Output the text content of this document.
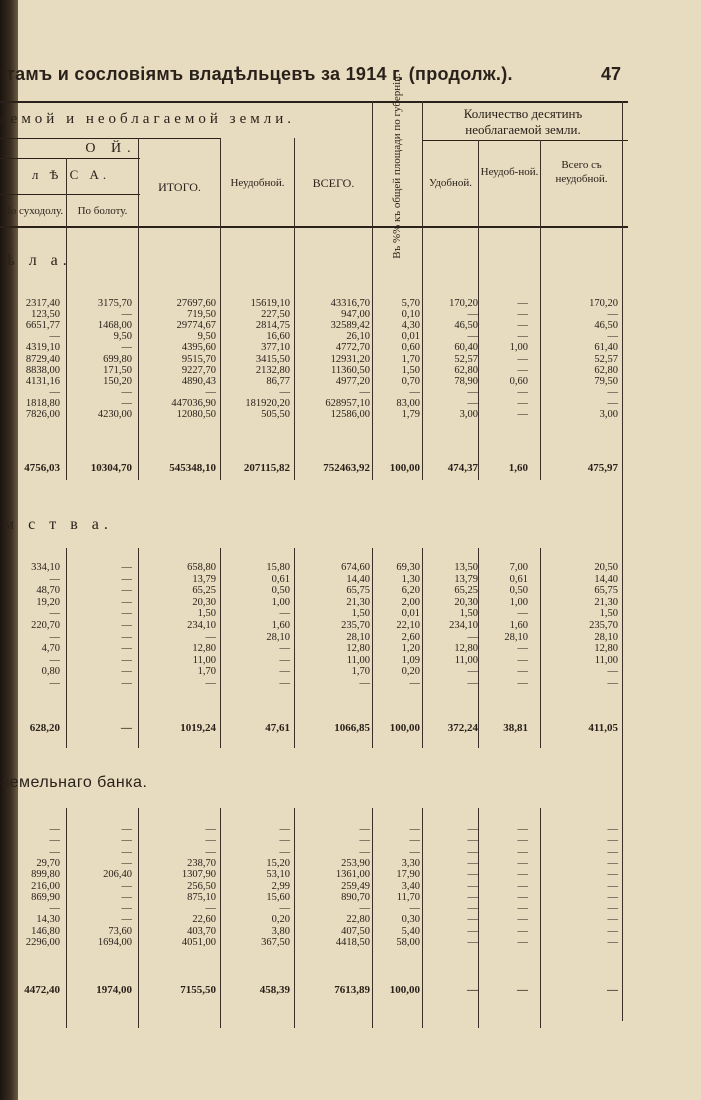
тамъ и сословіямъ владѣльцевъ за 1914 г. (продолж.).	47
аемой и необлагаемой земли.
О Й.
л Ѣ С А.
По суходолу.	По болоту.
ИТОГО.	Неудобной.	ВСЕГО.	Въ %% къ общей площади по губерніи.	Количество десятинъ необлагаемой земли.
Удобной.
Неудоб-ной.
Всего съ неудобной.
ѣ л а.
м с т в а.
земельнаго банка.
2317,40	3175,70	27697,60	15619,10	43316,70	5,70	170,20	—	170,20
123,50	—	719,50	227,50	947,00	0,10	—	—	—
6651,77	1468,00	29774,67	2814,75	32589,42	4,30	46,50	—	46,50
—	9,50	9,50	16,60	26,10	0,01	—	—	—
4319,10	—	4395,60	377,10	4772,70	0,60	60,40	1,00	61,40
8729,40	699,80	9515,70	3415,50	12931,20	1,70	52,57	—	52,57
8838,00	171,50	9227,70	2132,80	11360,50	1,50	62,80	—	62,80
4131,16	150,20	4890,43	86,77	4977,20	0,70	78,90	0,60	79,50
—	—	—	—	—	—	—	—	—
1818,80	—	447036,90	181920,20	628957,10	83,00	—	—	—
7826,00	4230,00	12080,50	505,50	12586,00	1,79	3,00	—	3,00
4756,03	10304,70	545348,10	207115,82	752463,92	100,00	474,37	1,60	475,97
334,10	—	658,80	15,80	674,60	69,30	13,50	7,00	20,50
—	—	13,79	0,61	14,40	1,30	13,79	0,61	14,40
48,70	—	65,25	0,50	65,75	6,20	65,25	0,50	65,75
19,20	—	20,30	1,00	21,30	2,00	20,30	1,00	21,30
—	—	1,50	—	1,50	0,01	1,50	—	1,50
220,70	—	234,10	1,60	235,70	22,10	234,10	1,60	235,70
—	—	—	28,10	28,10	2,60	—	28,10	28,10
4,70	—	12,80	—	12,80	1,20	12,80	—	12,80
—	—	11,00	—	11,00	1,09	11,00	—	11,00
0,80	—	1,70	—	1,70	0,20	—	—	—
—	—	—	—	—	—	—	—	—
628,20	—	1019,24	47,61	1066,85	100,00	372,24	38,81	411,05
—	—	—	—	—	—	—	—	—
—	—	—	—	—	—	—	—	—
—	—	—	—	—	—	—	—	—
29,70	—	238,70	15,20	253,90	3,30	—	—	—
899,80	206,40	1307,90	53,10	1361,00	17,90	—	—	—
216,00	—	256,50	2,99	259,49	3,40	—	—	—
869,90	—	875,10	15,60	890,70	11,70	—	—	—
—	—	—	—	—	—	—	—	—
14,30	—	22,60	0,20	22,80	0,30	—	—	—
146,80	73,60	403,70	3,80	407,50	5,40	—	—	—
2296,00	1694,00	4051,00	367,50	4418,50	58,00	—	—	—
4472,40	1974,00	7155,50	458,39	7613,89	100,00	—	—	—
